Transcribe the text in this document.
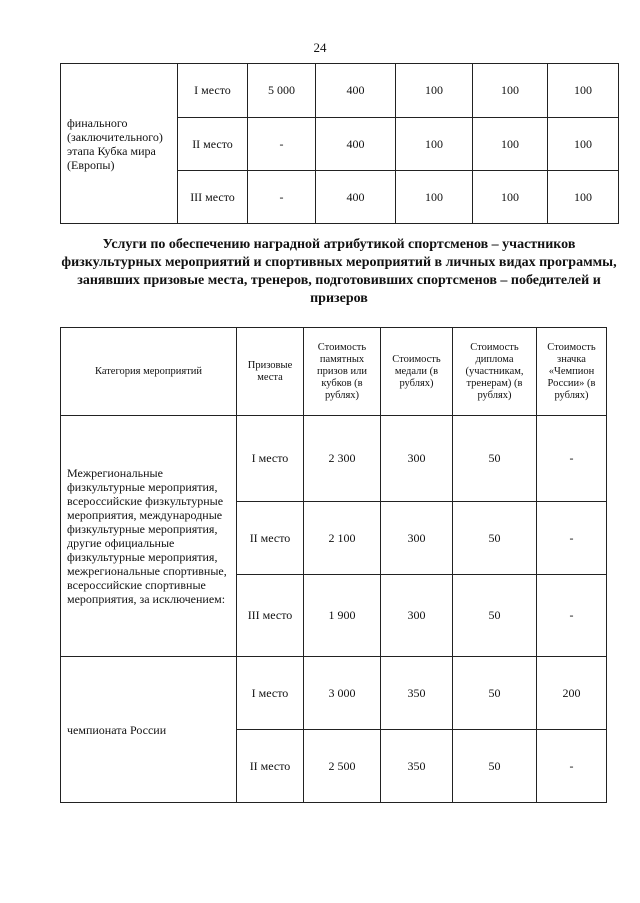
24
финального
(заключительного)
этапа Кубка мира
(Европы)	I место	5 000	400	100	100	100
	II место	-	400	100	100	100
	III место	-	400	100	100	100
Услуги по обеспечению наградной атрибутикой спортсменов – участников физкультурных мероприятий и спортивных мероприятий в личных видах программы, занявших призовые места, тренеров, подготовивших спортсменов – победителей и призеров
Категория мероприятий	Призовые места	Стоимость памятных призов или кубков (в рублях)	Стоимость медали (в рублях)	Стоимость диплома (участникам, тренерам) (в рублях)	Стоимость значка «Чемпион России» (в рублях)
Межрегиональные физкультурные мероприятия, всероссийские физкультурные мероприятия, международные физкультурные мероприятия, другие официальные физкультурные мероприятия, межрегиональные спортивные, всероссийские спортивные мероприятия, за исключением:	I место	2 300	300	50	-
	II место	2 100	300	50	-
	III место	1 900	300	50	-
чемпионата России	I место	3 000	350	50	200
	II место	2 500	350	50	-
